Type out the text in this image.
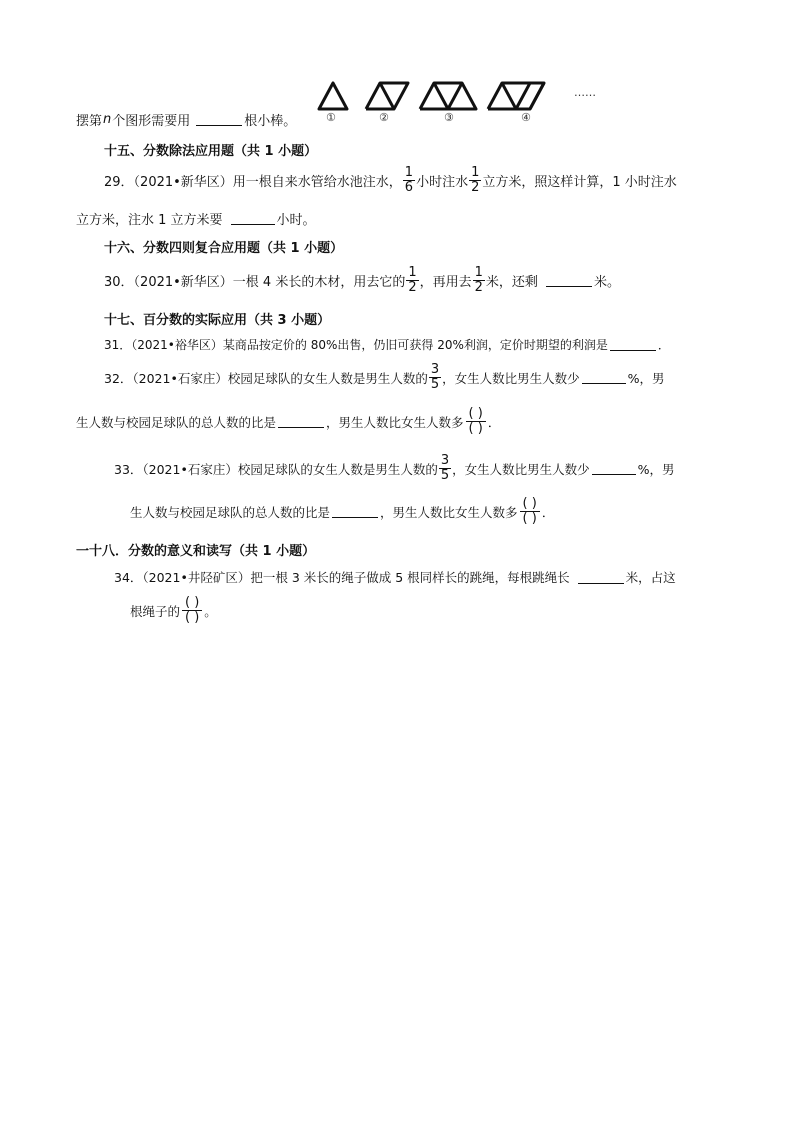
摆第 n 个图形需要用	根小棒。	①	②	③	④
……
十五、分数除法应用题（共 1 小题）
29．（2021•新华区）用一根自来水管给水池注水， $\frac{1}{6}$ 小时注水 $\frac{1}{2}$ 立方米，照这样计算，1 小时注水
立方米，注水 1 立方米要	小时。
十六、分数四则复合应用题（共 1 小题）
30．（2021•新华区）一根 4 米长的木材，用去它的 $\frac{1}{2}$ ，再用去 $\frac{1}{2}$ 米，还剩	米。
十七、百分数的实际应用（共 3 小题）
31．（2021•裕华区）某商品按定价的 80%出售，仍旧可获得 20%利润，定价时期望的利润是	．
32．（2021•石家庄）校园足球队的女生人数是男生人数的 $\frac{3}{5}$ ，女生人数比男生人数少	%，男
生人数与校园足球队的总人数的比是	，男生人数比女生人数多
( )
( ) ．
33．（2021•石家庄）校园足球队的女生人数是男生人数的 $\frac{3}{5}$ ，女生人数比男生人数少	%，男
生人数与校园足球队的总人数的比是	，男生人数比女生人数多
( )
( ) ．
一十八．分数的意义和读写（共 1 小题）
34．（2021•井陉矿区）把一根 3 米长的绳子做成 5 根同样长的跳绳，每根跳绳长	米，占这
根绳子的
( )
( ) 。
